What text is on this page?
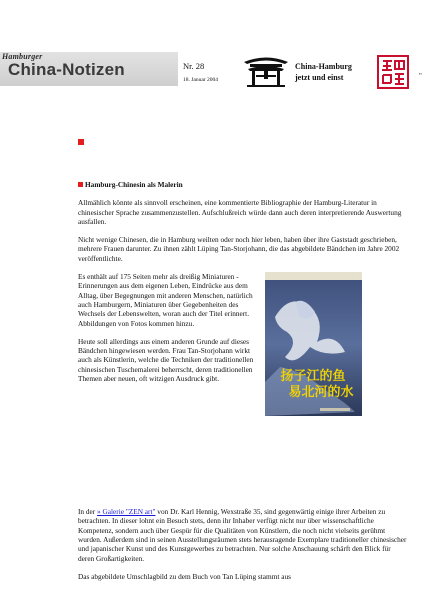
Hamburger
China-Notizen	Nr. 28
18. Januar 2004
China-Hamburg
jetzt und einst	"
Hamburg-Chinesin als Malerin

Allmählich könnte als sinnvoll erscheinen, eine kommentierte Bibliographie der Hamburg-Literatur in chinesischer Sprache zusammenzustellen. Aufschlußreich würde dann auch deren interpretierende Auswertung ausfallen.

Nicht wenige Chinesen, die in Hamburg weilten oder noch hier leben, haben über ihre Gaststadt geschrieben, mehrere Frauen darunter. Zu ihnen zählt Lüping Tan-Storjohann, die das abgebildete Bändchen im Jahre 2002 veröffentlichte.

Es enthält auf 175 Seiten mehr als dreißig Miniaturen - Erinnerungen aus dem eigenen Leben, Eindrücke aus dem Alltag, über Begegnungen mit anderen Menschen, natürlich auch Hamburgern, Miniaturen über Gegebenheiten des Wechsels der Lebenswelten, woran auch der Titel erinnert. Abbildungen von Fotos kommen hinzu.

Heute soll allerdings aus einem anderen Grunde auf dieses Bändchen hingewiesen werden. Frau Tan-Storjohann wirkt auch als Künstlerin, welche die Techniken der traditionellen chinesischen Tuschemalerei beherrscht, deren traditionellen Themen aber neuen, oft witzigen Ausdruck gibt.	扬子江的鱼
易北河的水

In der » Galerie "ZEN art" von Dr. Karl Hennig, Wexstraße 35, sind gegenwärtig einige ihrer Arbeiten zu betrachten. In dieser lohnt ein Besuch stets, denn ihr Inhaber verfügt nicht nur über wissenschaftliche Kompetenz, sondern auch über Gespür für die Qualitäten von Künstlern, die noch nicht vielseits gerühmt wurden. Außerdem sind in seinen Ausstellungsräumen stets herausragende Exemplare traditioneller chinesischer und japanischer Kunst und des Kunstgewerbes zu betrachten. Nur solche Anschauung schärft den Blick für deren Großartigkeiten.

Das abgebildete Umschlagbild zu dem Buch von Tan Lüping stammt aus
